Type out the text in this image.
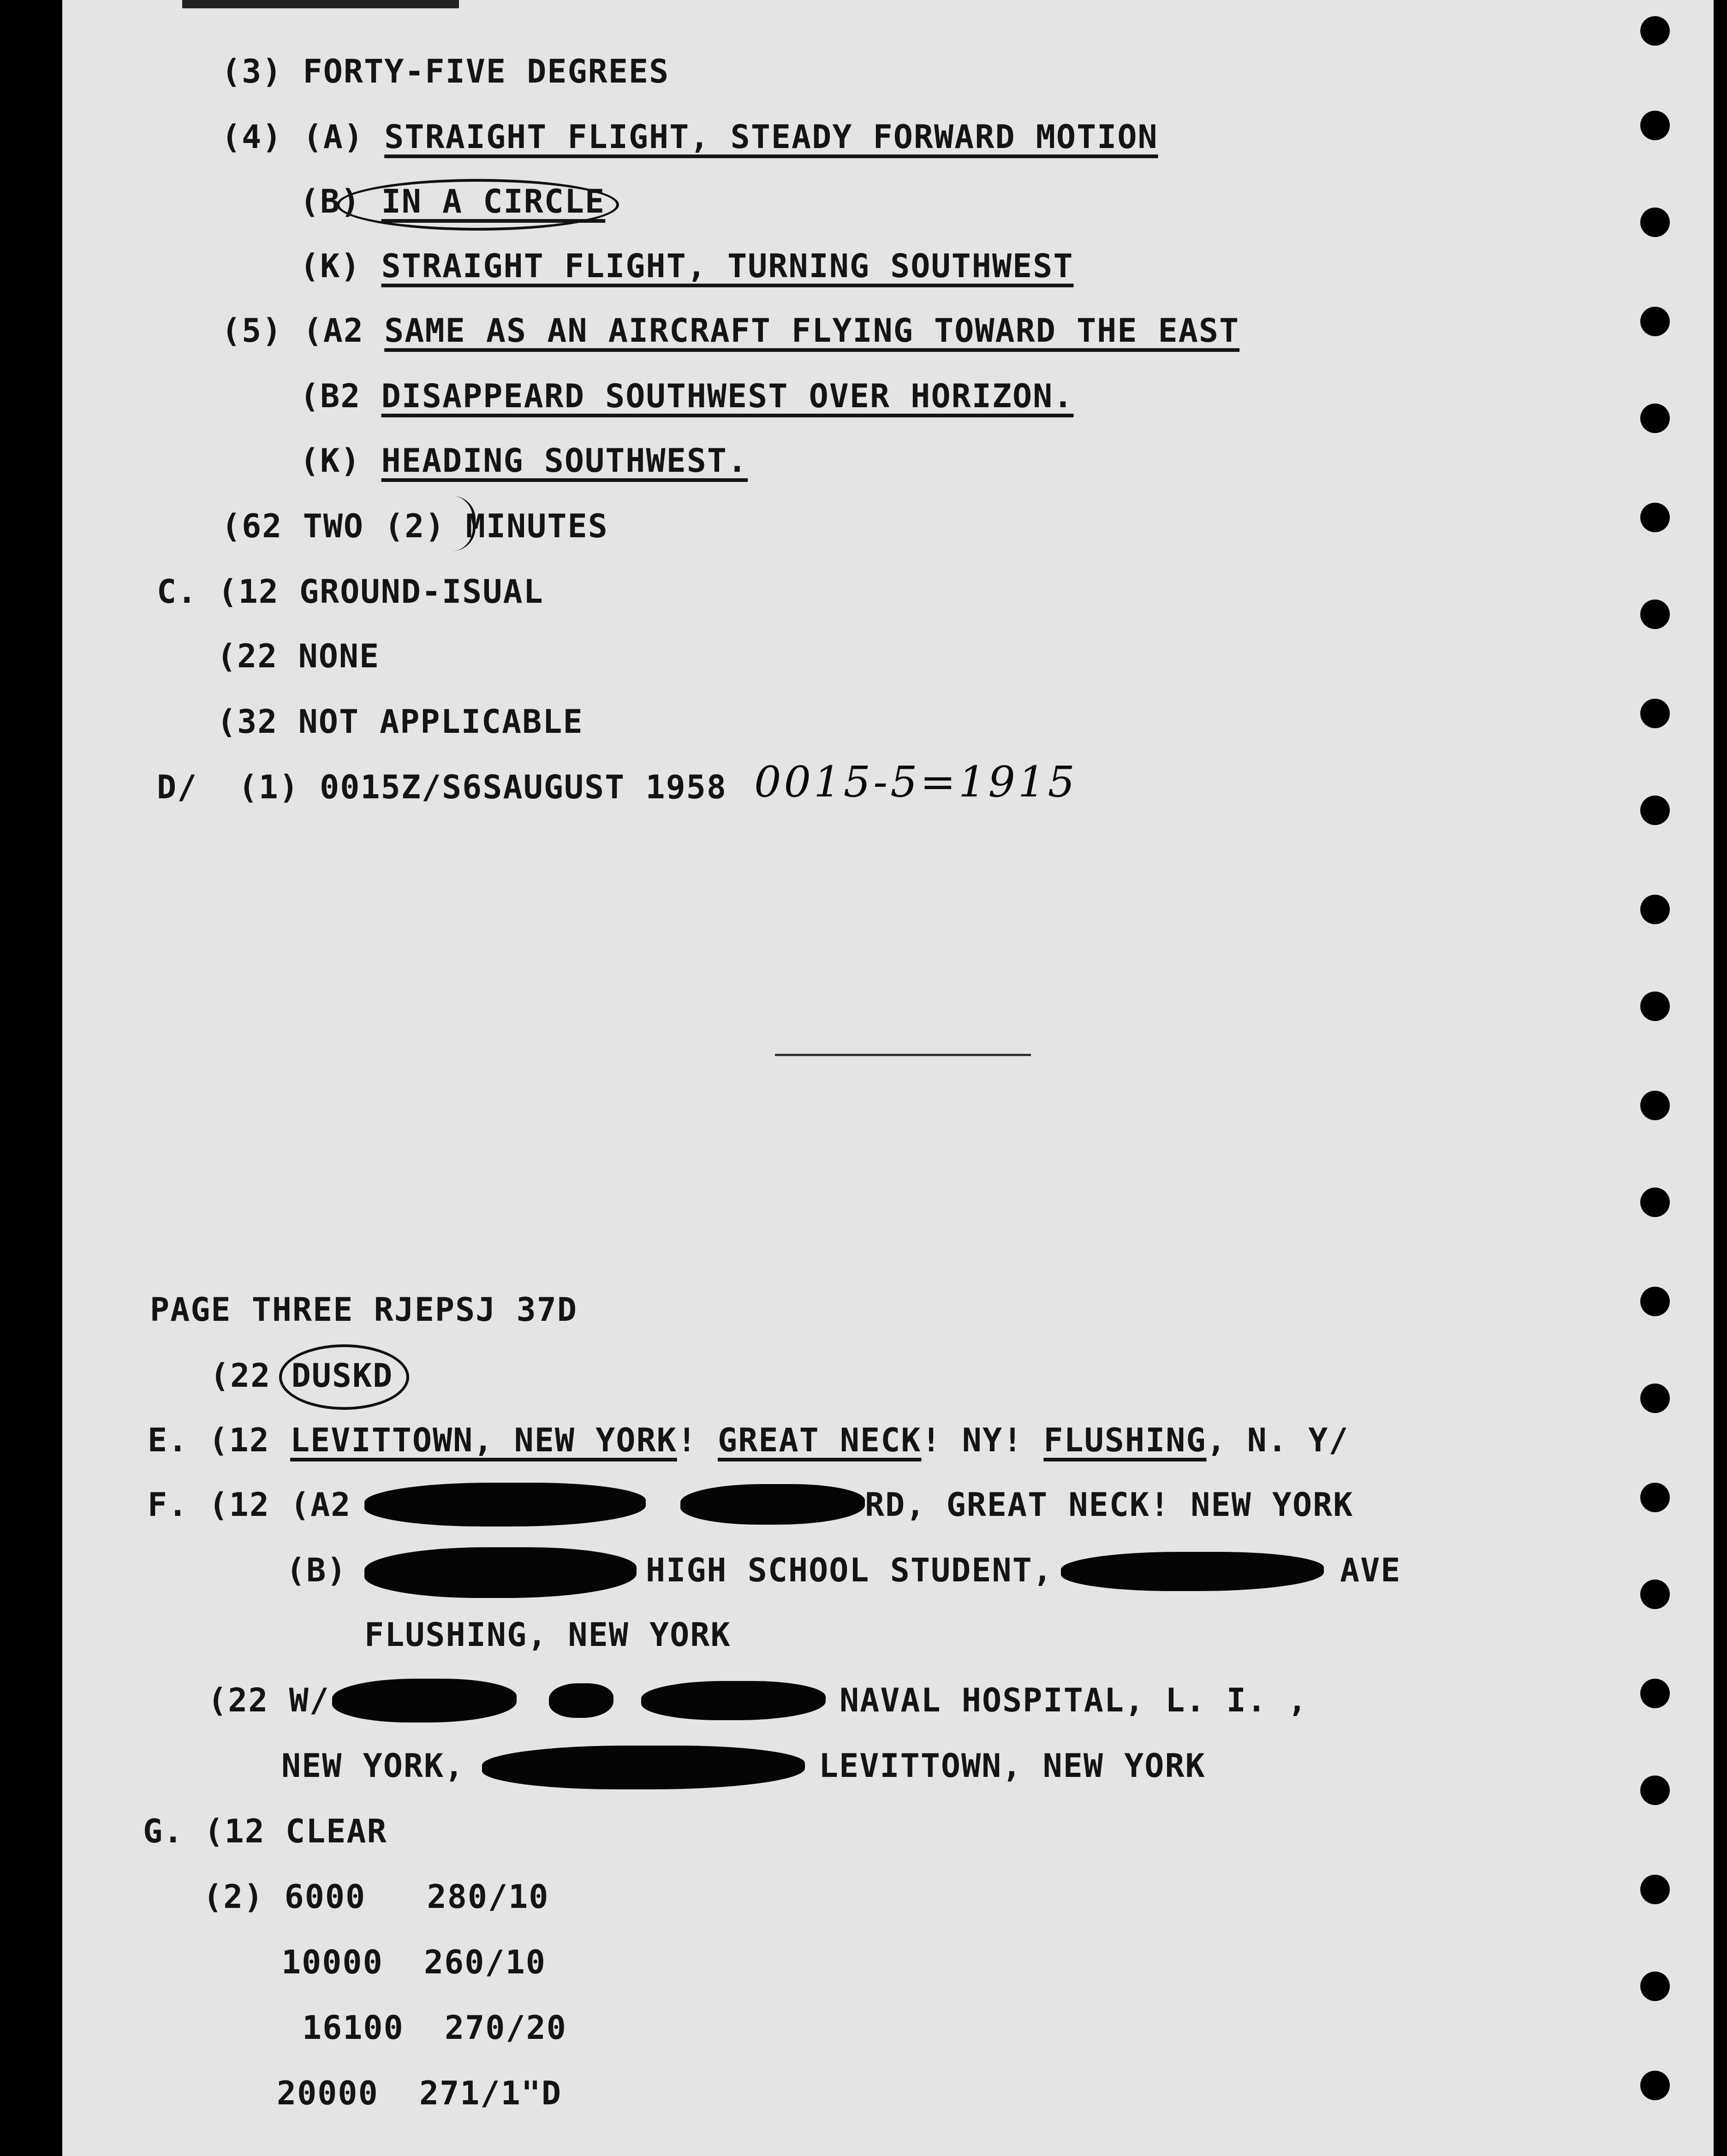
(3) FORTY-FIVE DEGREES
(4) (A) STRAIGHT FLIGHT, STEADY FORWARD MOTION
(B) IN A CIRCLE
(K) STRAIGHT FLIGHT, TURNING SOUTHWEST
(5) (A2 SAME AS AN AIRCRAFT FLYING TOWARD THE EAST
(B2 DISAPPEARD SOUTHWEST OVER HORIZON.
(K) HEADING SOUTHWEST.
(62 TWO (2) MINUTES
C. (12 GROUND-ISUAL
(22 NONE
(32 NOT APPLICABLE
D/  (1) 0015Z/S6SAUGUST 1958 0015-5=1915
PAGE THREE RJEPSJ 37D
(22 DUSKD
E. (12 LEVITTOWN, NEW YORK! GREAT NECK! NY! FLUSHING, N. Y/
F. (12 (A2	RD, GREAT NECK! NEW YORK
(B)	HIGH SCHOOL STUDENT,	AVE
FLUSHING, NEW YORK
(22 W/	NAVAL HOSPITAL, L. I. ,
NEW YORK,	LEVITTOWN, NEW YORK
G. (12 CLEAR
(2) 6000   280/10
10000  260/10
16100  270/20
20000  271/1"D
